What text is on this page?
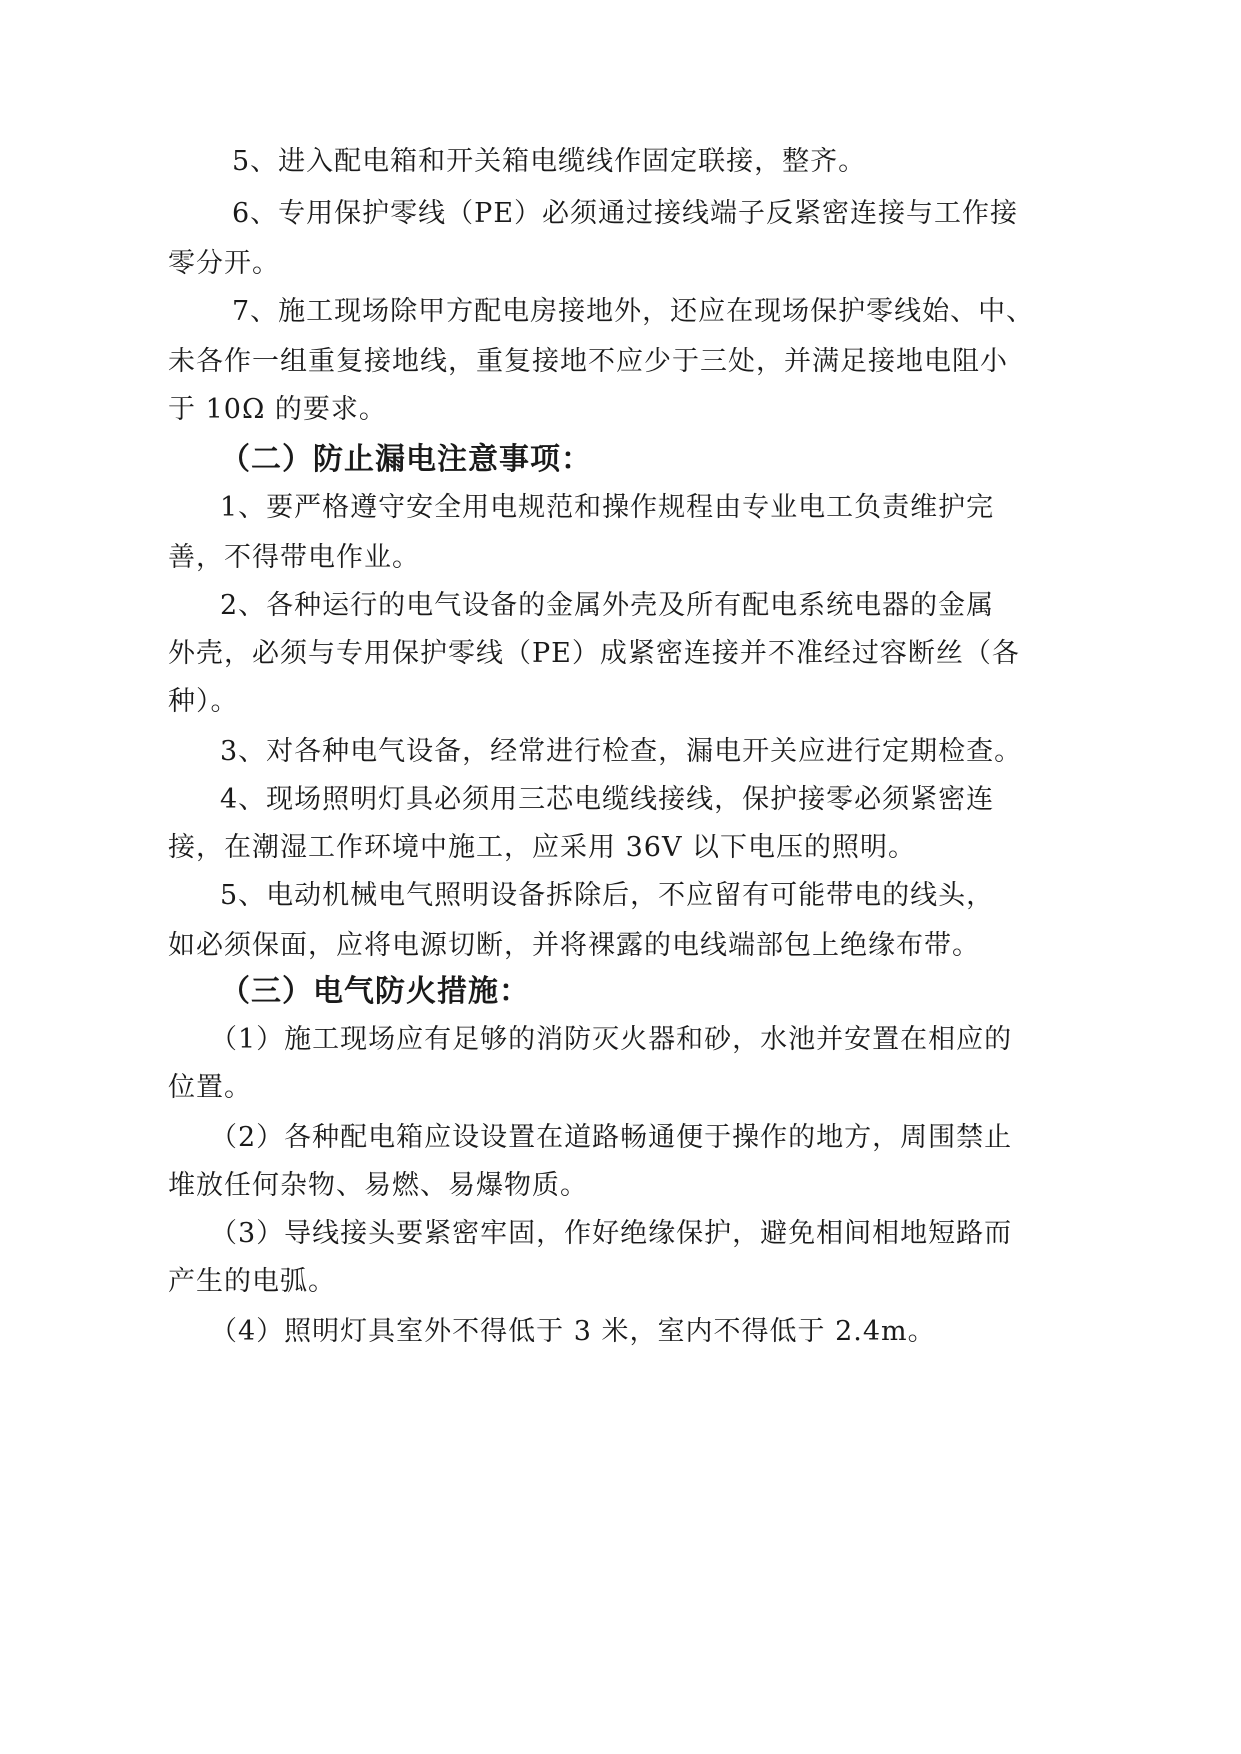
5、进入配电箱和开关箱电缆线作固定联接，整齐。
6、专用保护零线（PE）必须通过接线端子反紧密连接与工作接
零分开。
7、施工现场除甲方配电房接地外，还应在现场保护零线始、中、
未各作一组重复接地线，重复接地不应少于三处，并满足接地电阻小
于 10Ω 的要求。
（二）防止漏电注意事项：
1、要严格遵守安全用电规范和操作规程由专业电工负责维护完
善，不得带电作业。
2、各种运行的电气设备的金属外壳及所有配电系统电器的金属
外壳，必须与专用保护零线（PE）成紧密连接并不准经过容断丝（各
种）。
3、对各种电气设备，经常进行检查，漏电开关应进行定期检查。
4、现场照明灯具必须用三芯电缆线接线，保护接零必须紧密连
接，在潮湿工作环境中施工，应采用 36V 以下电压的照明。
5、电动机械电气照明设备拆除后，不应留有可能带电的线头，
如必须保面，应将电源切断，并将裸露的电线端部包上绝缘布带。
（三）电气防火措施：
（1）施工现场应有足够的消防灭火器和砂，水池并安置在相应的
位置。
（2）各种配电箱应设设置在道路畅通便于操作的地方，周围禁止
堆放任何杂物、易燃、易爆物质。
（3）导线接头要紧密牢固，作好绝缘保护，避免相间相地短路而
产生的电弧。
（4）照明灯具室外不得低于 3 米，室内不得低于 2.4m。
